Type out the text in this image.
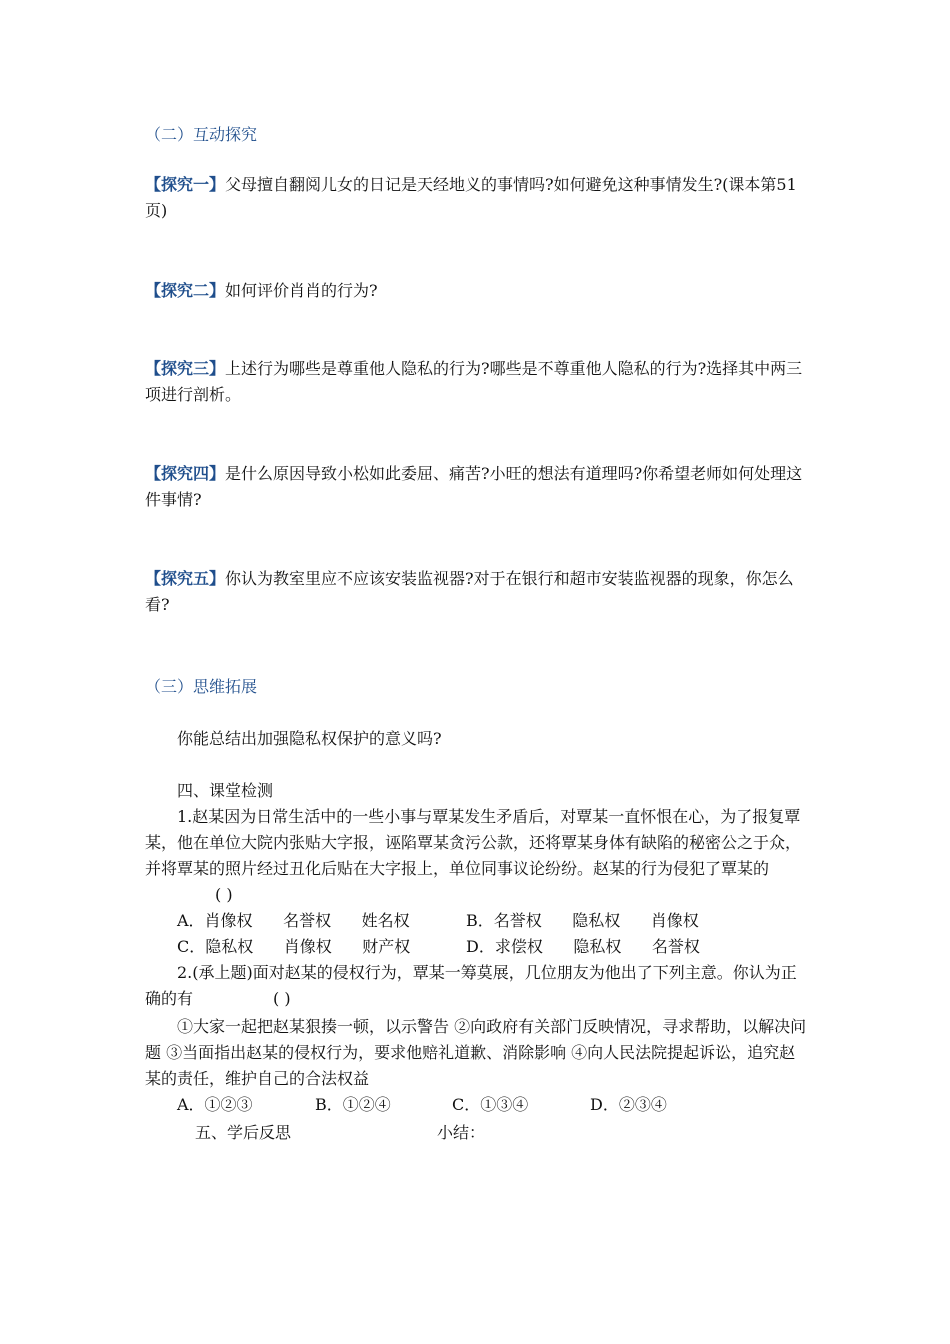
（二）互动探究

【探究一】父母擅自翻阅儿女的日记是天经地义的事情吗?如何避免这种事情发生?(课本第51页)

【探究二】如何评价肖肖的行为?

【探究三】上述行为哪些是尊重他人隐私的行为?哪些是不尊重他人隐私的行为?选择其中两三项进行剖析。

【探究四】是什么原因导致小松如此委屈、痛苦?小旺的想法有道理吗?你希望老师如何处理这件事情?

【探究五】你认为教室里应不应该安装监视器?对于在银行和超市安装监视器的现象，你怎么看?

（三）思维拓展

你能总结出加强隐私权保护的意义吗?

四、课堂检测

1.赵某因为日常生活中的一些小事与覃某发生矛盾后，对覃某一直怀恨在心，为了报复覃某，他在单位大院内张贴大字报，诬陷覃某贪污公款，还将覃某身体有缺陷的秘密公之于众，并将覃某的照片经过丑化后贴在大字报上，单位同事议论纷纷。赵某的行为侵犯了覃某的( )

A．肖像权      名誉权      姓名权	B．名誉权      隐私权      肖像权

C．隐私权      肖像权      财产权	D．求偿权      隐私权      名誉权

2.(承上题)面对赵某的侵权行为，覃某一筹莫展，几位朋友为他出了下列主意。你认为正确的有	( )

①大家一起把赵某狠揍一顿，以示警告 ②向政府有关部门反映情况，寻求帮助，以解决问题 ③当面指出赵某的侵权行为，要求他赔礼道歉、消除影响 ④向人民法院提起诉讼，追究赵某的责任，维护自己的合法权益

A．①②③	B．①②④	C．①③④	D．②③④

五、学后反思	小结：
